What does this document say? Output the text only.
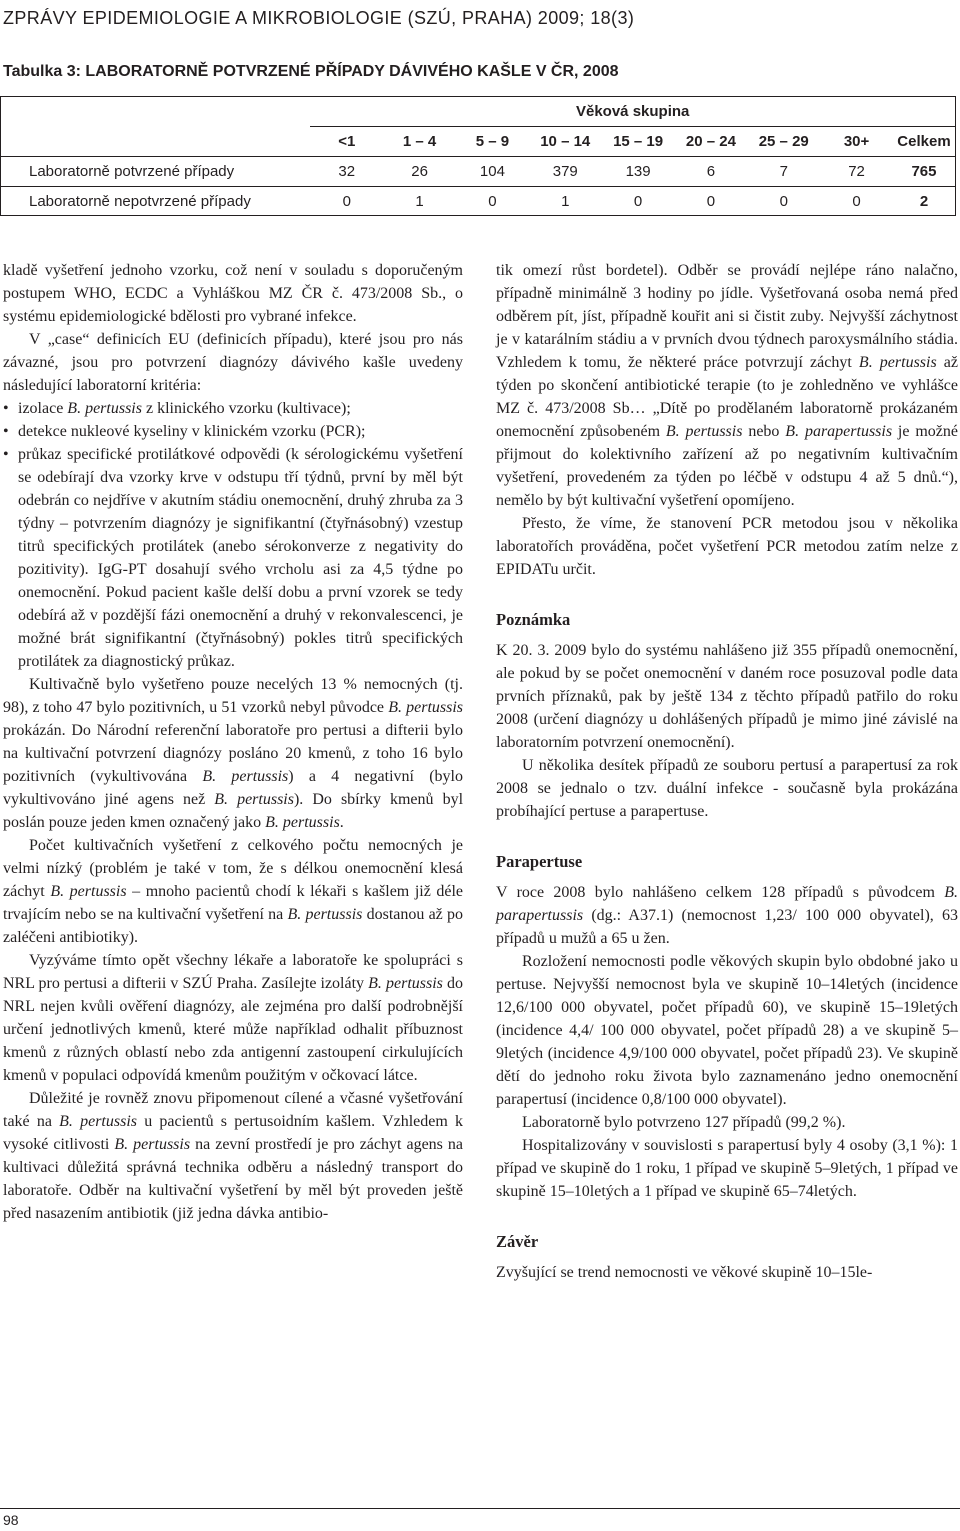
ZPRÁVY EPIDEMIOLOGIE A MIKROBIOLOGIE (SZÚ, PRAHA) 2009; 18(3)
Tabulka 3: LABORATORNĚ POTVRZENÉ PŘÍPADY DÁVIVÉHO KAŠLE V ČR, 2008
	Věková skupina								
	<1	1 – 4	5 – 9	10 – 14	15 – 19	20 – 24	25 – 29	30+	Celkem
Laboratorně potvrzené případy	32	26	104	379	139	6	7	72	765
Laboratorně nepotvrzené případy	0	1	0	1	0	0	0	0	2

kladě vyšetření jednoho vzorku, což není v souladu s doporučeným postupem WHO, ECDC a Vyhláškou MZ ČR č. 473/2008 Sb., o systému epidemiologické bdělosti pro vybrané infekce.

V „case“ definicích EU (definicích případu), které jsou pro nás závazné, jsou pro potvrzení diagnózy dávivého kašle uvedeny následující laboratorní kritéria:

• izolace B. pertussis z klinického vzorku (kultivace);
• detekce nukleové kyseliny v klinickém vzorku (PCR);
• průkaz specifické protilátkové odpovědi (k sérologickému vyšetření se odebírají dva vzorky krve v odstupu tří týdnů, první by měl být odebrán co nejdříve v akutním stádiu onemocnění, druhý zhruba za 3 týdny – potvrzením diagnózy je signifikantní (čtyřnásobný) vzestup titrů specifických protilátek (anebo sérokonverze z negativity do pozitivity). IgG-PT dosahují svého vrcholu asi za 4,5 týdne po onemocnění. Pokud pacient kašle delší dobu a první vzorek se tedy odebírá až v pozdější fázi onemocnění a druhý v rekonvalescenci, je možné brát signifikantní (čtyřnásobný) pokles titrů specifických protilátek za diagnostický průkaz.

Kultivačně bylo vyšetřeno pouze necelých 13 % nemocných (tj. 98), z toho 47 bylo pozitivních, u 51 vzorků nebyl původce B. pertussis prokázán. Do Národní referenční laboratoře pro pertusi a difterii bylo na kultivační potvrzení diagnózy posláno 20 kmenů, z toho 16 bylo pozitivních (vykultivována B. pertussis) a 4 negativní (bylo vykultivováno jiné agens než B. pertussis). Do sbírky kmenů byl poslán pouze jeden kmen označený jako B. pertussis.

Počet kultivačních vyšetření z celkového počtu nemocných je velmi nízký (problém je také v tom, že s délkou onemocnění klesá záchyt B. pertussis – mnoho pacientů chodí k lékaři s kašlem již déle trvajícím nebo se na kultivační vyšetření na B. pertussis dostanou až po zaléčeni antibiotiky).

Vyzýváme tímto opět všechny lékaře a laboratoře ke spolupráci s NRL pro pertusi a difterii v SZÚ Praha. Zasílejte izoláty B. pertussis do NRL nejen kvůli ověření diagnózy, ale zejména pro další podrobnější určení jednotlivých kmenů, které může například odhalit příbuznost kmenů z různých oblastí nebo zda antigenní zastoupení cirkulujících kmenů v populaci odpovídá kmenům použitým v očkovací látce.

Důležité je rovněž znovu připomenout cílené a včasné vyšetřování také na B. pertussis u pacientů s pertusoidním kašlem. Vzhledem k vysoké citlivosti B. pertussis na zevní prostředí je pro záchyt agens na kultivaci důležitá správná technika odběru a následný transport do laboratoře. Odběr na kultivační vyšetření by měl být proveden ještě před nasazením antibiotik (již jedna dávka antibio-

tik omezí růst bordetel). Odběr se provádí nejlépe ráno nalačno, případně minimálně 3 hodiny po jídle. Vyšetřovaná osoba nemá před odběrem pít, jíst, případně kouřit ani si čistit zuby. Nejvyšší záchytnost je v katarálním stádiu a v prvních dvou týdnech paroxysmálního stádia. Vzhledem k tomu, že některé práce potvrzují záchyt B. pertussis až týden po skončení antibiotické terapie (to je zohledněno ve vyhlášce MZ č. 473/2008 Sb… „Dítě po prodělaném laboratorně prokázaném onemocnění způsobeném B. pertussis nebo B. parapertussis je možné přijmout do kolektivního zařízení až po negativním kultivačním vyšetření, provedeném za týden po léčbě v odstupu 4 až 5 dnů.“), nemělo by být kultivační vyšetření opomíjeno.

Přesto, že víme, že stanovení PCR metodou jsou v několika laboratořích prováděna, počet vyšetření PCR metodou zatím nelze z EPIDATu určit.

Poznámka

K 20. 3. 2009 bylo do systému nahlášeno již 355 případů onemocnění, ale pokud by se počet onemocnění v daném roce posuzoval podle data prvních příznaků, pak by ještě 134 z těchto případů patřilo do roku 2008 (určení diagnózy u dohlášených případů je mimo jiné závislé na laboratorním potvrzení onemocnění).

U několika desítek případů ze souboru pertusí a parapertusí za rok 2008 se jednalo o tzv. duální infekce - současně byla prokázána probíhající pertuse a parapertuse.

Parapertuse

V roce 2008 bylo nahlášeno celkem 128 případů s původcem B. parapertussis (dg.: A37.1) (nemocnost 1,23/ 100 000 obyvatel), 63 případů u mužů a 65 u žen.

Rozložení nemocnosti podle věkových skupin bylo obdobné jako u pertuse. Nejvyšší nemocnost byla ve skupině 10–14letých (incidence 12,6/100 000 obyvatel, počet případů 60), ve skupině 15–19letých (incidence 4,4/ 100 000 obyvatel, počet případů 28) a ve skupině 5–9letých (incidence 4,9/100 000 obyvatel, počet případů 23). Ve skupině dětí do jednoho roku života bylo zaznamenáno jedno onemocnění parapertusí (incidence 0,8/100 000 obyvatel).

Laboratorně bylo potvrzeno 127 případů (99,2 %).

Hospitalizovány v souvislosti s parapertusí byly 4 osoby (3,1 %): 1 případ ve skupině do 1 roku, 1 případ ve skupině 5–9letých, 1 případ ve skupině 15–10letých a 1 případ ve skupině 65–74letých.

Závěr

Zvyšující se trend nemocnosti ve věkové skupině 10–15le-

98
